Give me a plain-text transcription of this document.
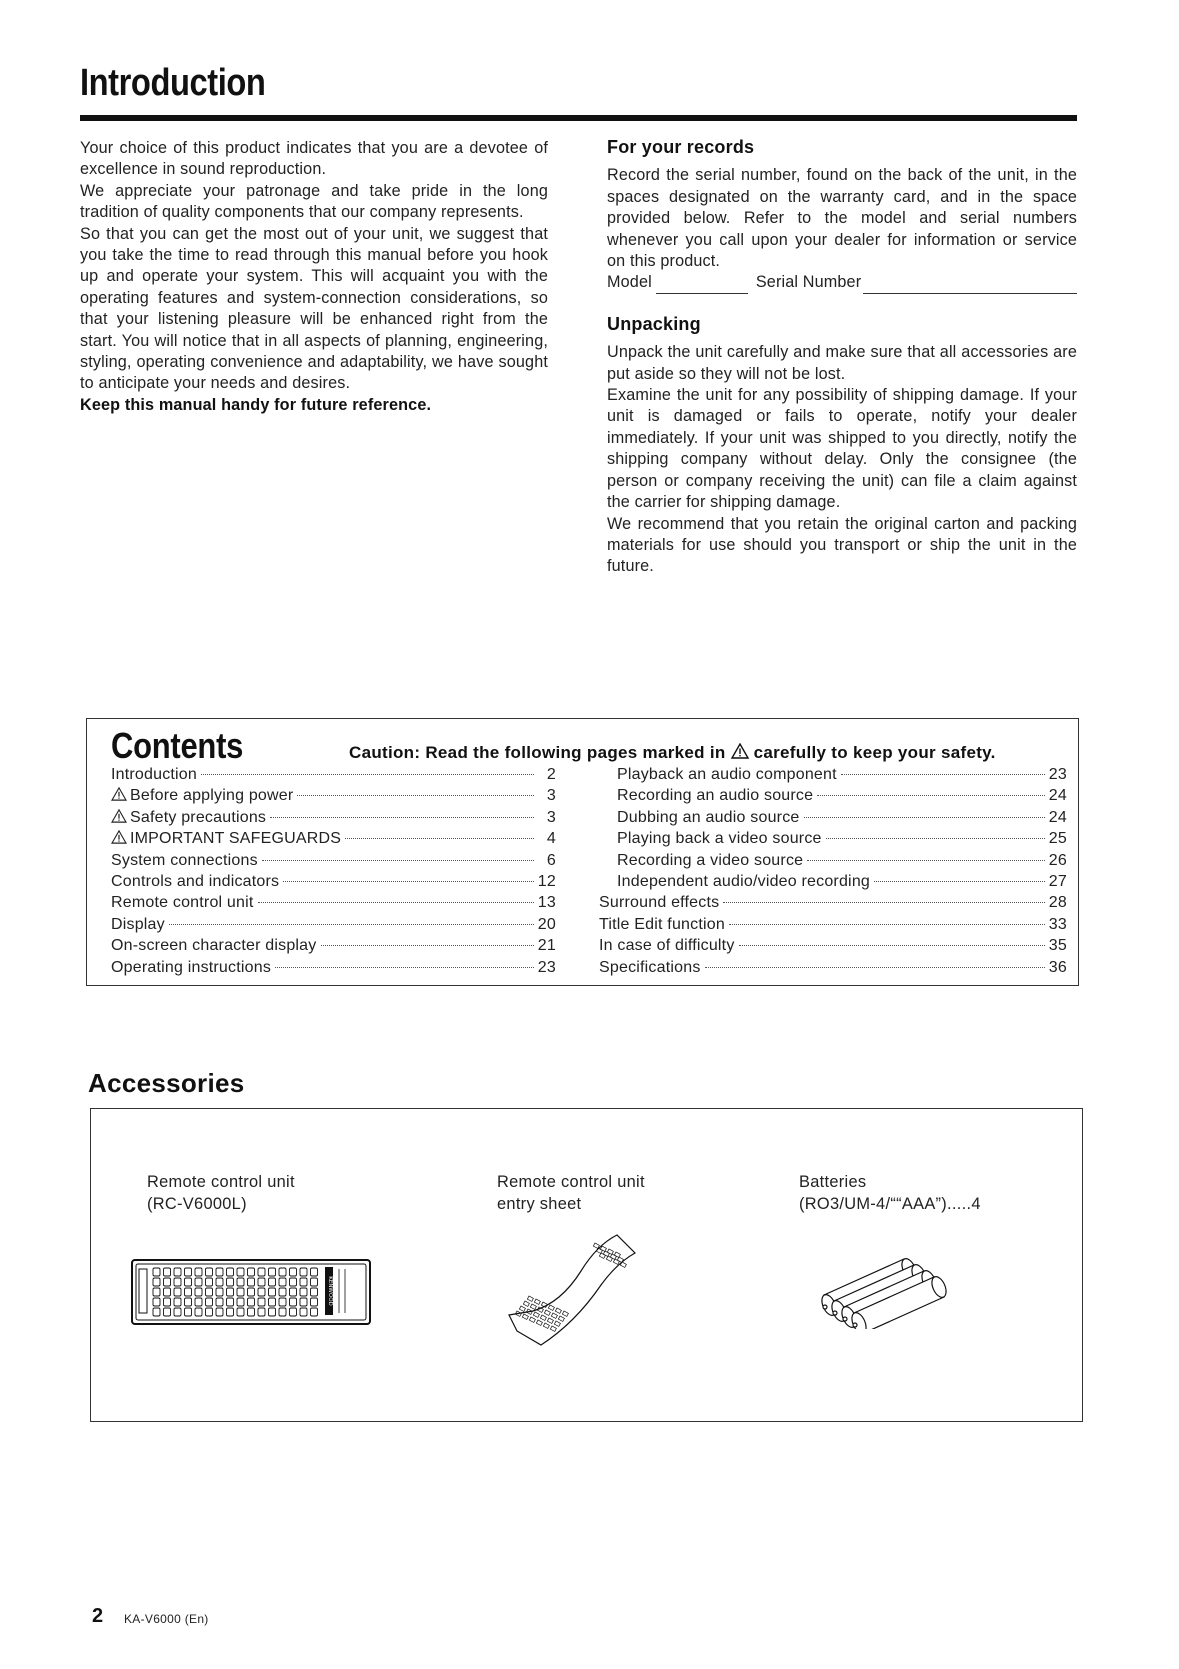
Introduction

Your choice of this product indicates that you are a devotee of excellence in sound reproduction.

We appreciate your patronage and take pride in the long tradition of quality components that our company represents.

So that you can get the most out of your unit, we suggest that you take the time to read through this manual before you hook up and operate your system. This will acquaint you with the operating features and system-connection considerations, so that your listening pleasure will be enhanced right from the start. You will notice that in all aspects of planning, engineering, styling, operating convenience and adaptability, we have sought to anticipate your needs and desires.

Keep this manual handy for future reference.

For your records

Record the serial number, found on the back of the unit, in the spaces designated on the warranty card, and in the space provided below. Refer to the model and serial numbers whenever you call upon your dealer for information or service on this product.

Model	Serial Number
Unpacking

Unpack the unit carefully and make sure that all accessories are put aside so they will not be lost.

Examine the unit for any possibility of shipping damage. If your unit is damaged or fails to operate, notify your dealer immediately. If your unit was shipped to you directly, notify the shipping company without delay. Only the consignee (the person or company receiving the unit) can file a claim against the carrier for shipping damage.

We recommend that you retain the original carton and packing materials for use should you transport or ship the unit in the future.

Contents	Caution: Read the following pages marked in carefully to keep your safety.
Introduction	2
Before applying power	3
Safety precautions	3
IMPORTANT SAFEGUARDS	4
System connections	6
Controls and indicators	12
Remote control unit	13
Display	20
On-screen character display	21
Operating instructions	23
Playback an audio component	23
Recording an audio source	24
Dubbing an audio source	24
Playing back a video source	25
Recording a video source	26
Independent audio/video recording	27
Surround effects	28
Title Edit function	33
In case of difficulty	35
Specifications	36
Accessories
Remote control unit
(RC-V6000L)
Remote control unit
entry sheet
Batteries
(RO3/UM-4/““AAA”).....4
KENWOOD
2 KA-V6000 (En)
